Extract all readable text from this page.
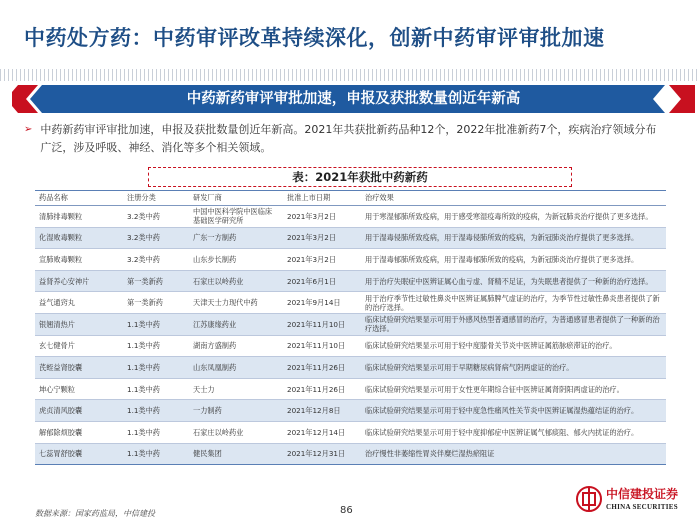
中药处方药：中药审评改革持续深化，创新中药审评审批加速
中药新药审评审批加速，申报及获批数量创近年新高
➢ 中药新药审评审批加速，申报及获批数量创近年新高。2021年共获批新药品种12个，2022年批准新药7个，疾病治疗领域分布广泛，涉及呼吸、神经、消化等多个相关领域。
表：2021年获批中药新药
药品名称	注册分类	研发厂商	批准上市日期	治疗效果
清肺排毒颗粒	3.2类中药	中国中医科学院中医临床基础医学研究所	2021年3月2日	用于寒湿郁肺所致疫病，用于感受寒湿疫毒所致的疫病，为新冠肺炎治疗提供了更多选择。
化湿败毒颗粒	3.2类中药	广东一方制药	2021年3月2日	用于湿毒侵肺所致疫病，用于湿毒侵肺所致的疫病，为新冠肺炎治疗提供了更多选择。
宣肺败毒颗粒	3.2类中药	山东步长制药	2021年3月2日	用于湿毒郁肺所致疫病，用于湿毒郁肺所致的疫病，为新冠肺炎治疗提供了更多选择。
益肾养心安神片	第一类新药	石家庄以岭药业	2021年6月1日	用于治疗失眠症中医辨证属心血亏虚、肾精不足证，为失眠患者提供了一种新的治疗选择。
益气通窍丸	第一类新药	天津天士力现代中药	2021年9月14日	用于治疗季节性过敏性鼻炎中医辨证属肺脾气虚证的治疗，为季节性过敏性鼻炎患者提供了新的治疗选择。
银翘清热片	1.1类中药	江苏康缘药业	2021年11月10日	临床试验研究结果显示可用于外感风热型普通感冒的治疗，为普通感冒患者提供了一种新的治疗选择。
玄七健骨片	1.1类中药	湖南方盛制药	2021年11月10日	临床试验研究结果显示可用于轻中度膝骨关节炎中医辨证属筋脉瘀滞证的治疗。
芪蛭益肾胶囊	1.1类中药	山东凤凰制药	2021年11月26日	临床试验研究结果显示可用于早期糖尿病肾病气阴两虚证的治疗。
坤心宁颗粒	1.1类中药	天士力	2021年11月26日	临床试验研究结果显示可用于女性更年期综合征中医辨证属肾阴阳两虚证的治疗。
虎贞清风胶囊	1.1类中药	一力制药	2021年12月8日	临床试验研究结果显示可用于轻中度急性痛风性关节炎中医辨证属湿热蕴结证的治疗。
解郁除烦胶囊	1.1类中药	石家庄以岭药业	2021年12月14日	临床试验研究结果显示可用于轻中度抑郁症中医辨证属气郁痰阻、郁火内扰证的治疗。
七蕊胃舒胶囊	1.1类中药	健民集团	2021年12月31日	治疗慢性非萎缩性胃炎伴糜烂湿热瘀阻证
数据来源：国家药监局，中信建投	86
中信建投证券
CHINA SECURITIES
